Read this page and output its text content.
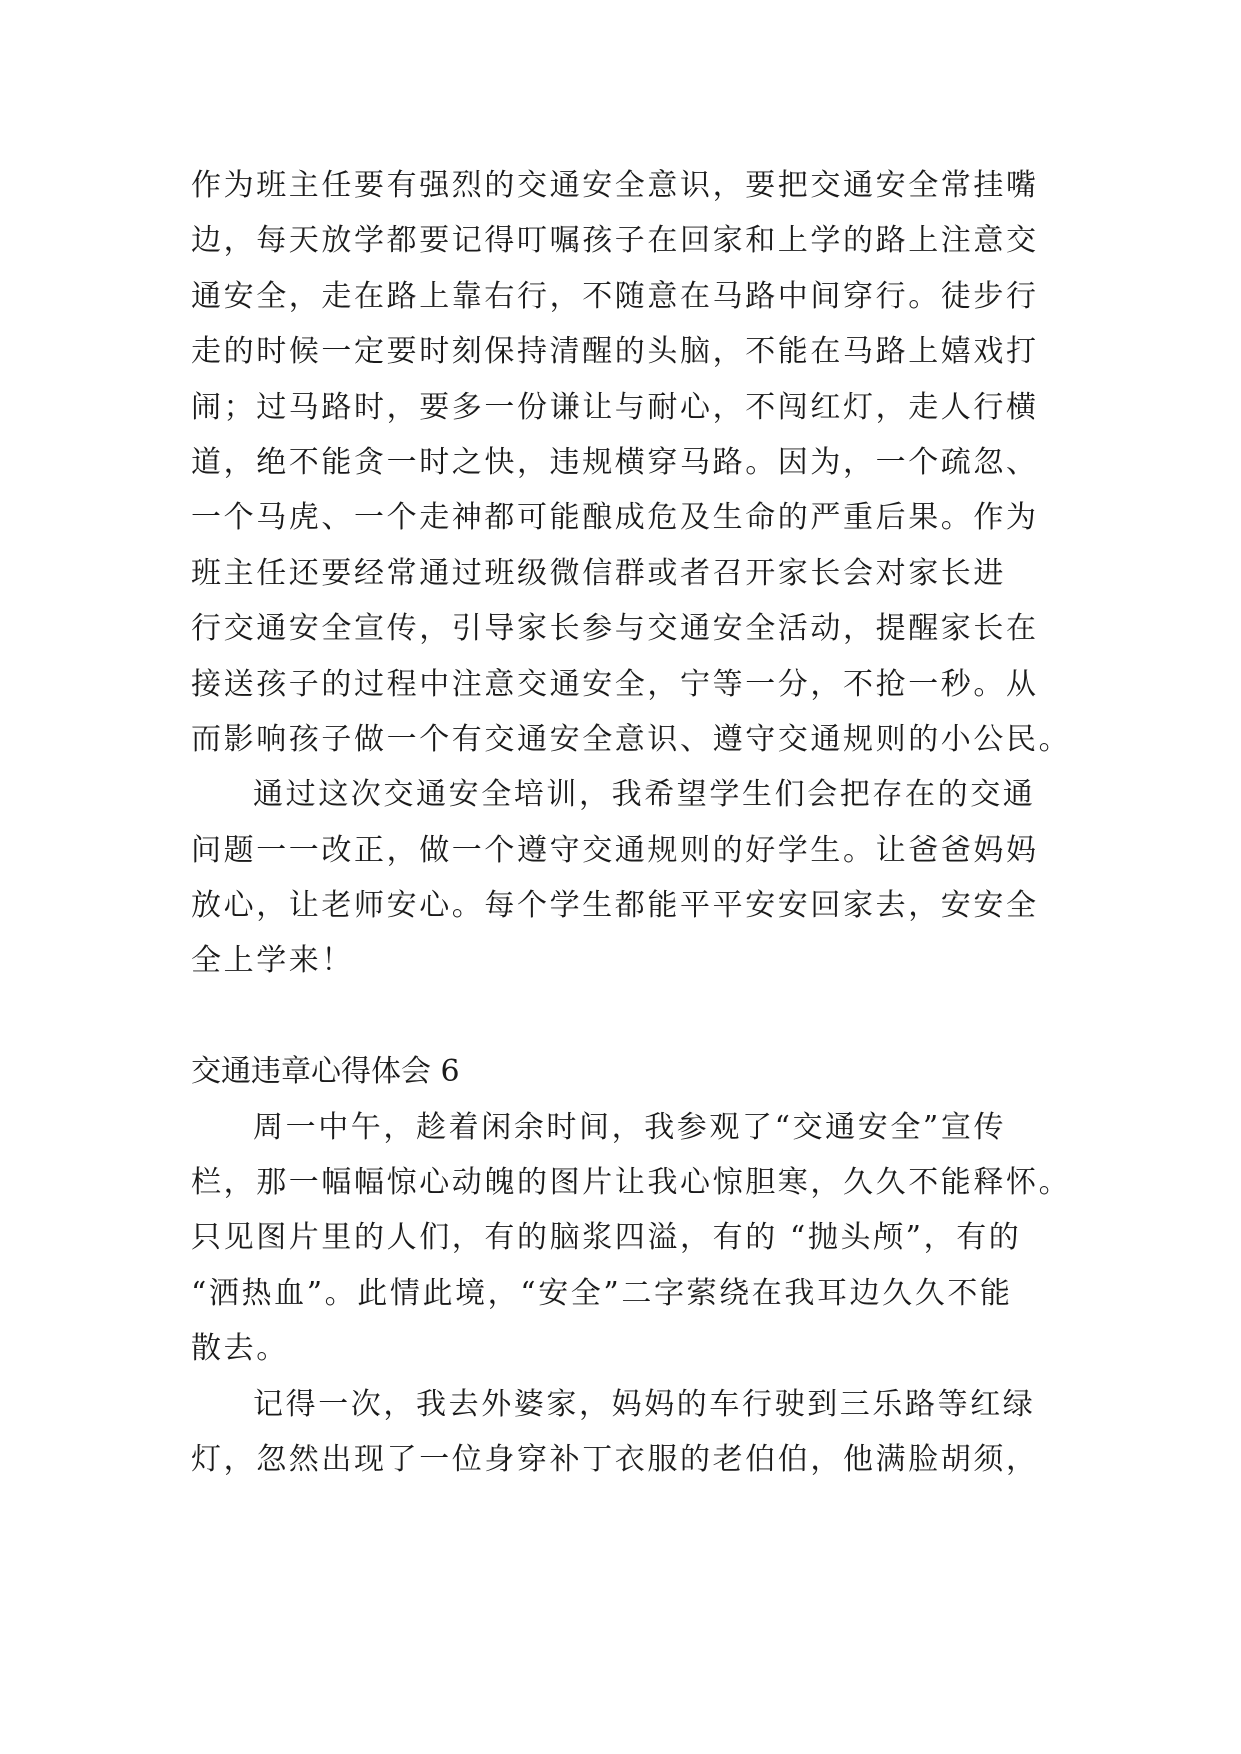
作为班主任要有强烈的交通安全意识，要把交通安全常挂嘴
边，每天放学都要记得叮嘱孩子在回家和上学的路上注意交
通安全，走在路上靠右行，不随意在马路中间穿行。徒步行
走的时候一定要时刻保持清醒的头脑，不能在马路上嬉戏打
闹；过马路时，要多一份谦让与耐心，不闯红灯，走人行横
道，绝不能贪一时之快，违规横穿马路。因为，一个疏忽、
一个马虎、一个走神都可能酿成危及生命的严重后果。作为
班主任还要经常通过班级微信群或者召开家长会对家长进
行交通安全宣传，引导家长参与交通安全活动，提醒家长在
接送孩子的过程中注意交通安全，宁等一分，不抢一秒。从
而影响孩子做一个有交通安全意识、遵守交通规则的小公民。
通过这次交通安全培训，我希望学生们会把存在的交通
问题一一改正，做一个遵守交通规则的好学生。让爸爸妈妈
放心，让老师安心。每个学生都能平平安安回家去，安安全
全上学来！
交通违章心得体会 6
周一中午，趁着闲余时间，我参观了“交通安全”宣传
栏，那一幅幅惊心动魄的图片让我心惊胆寒，久久不能释怀。
只见图片里的人们，有的脑浆四溢，有的 “抛头颅”，有的
“洒热血”。此情此境，“安全”二字萦绕在我耳边久久不能
散去。
记得一次，我去外婆家，妈妈的车行驶到三乐路等红绿
灯，忽然出现了一位身穿补丁衣服的老伯伯，他满脸胡须，
